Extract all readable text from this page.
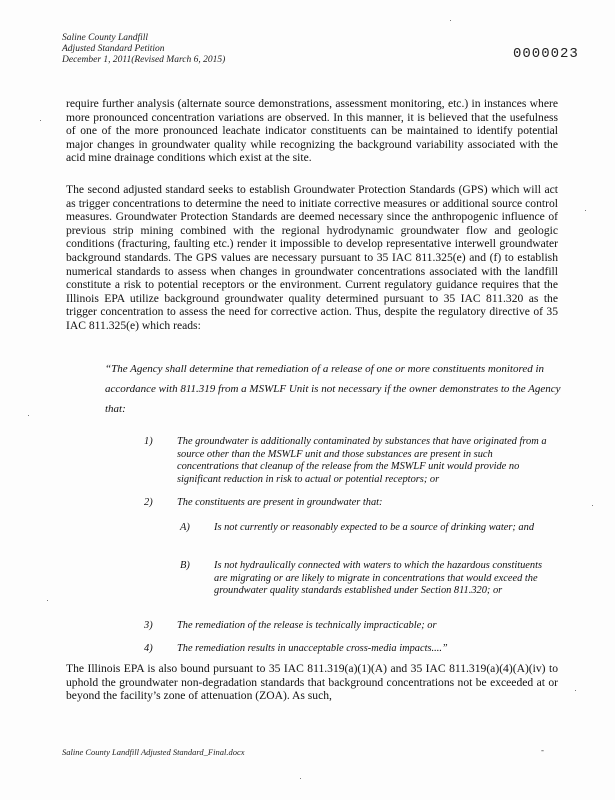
Saline County Landfill
Adjusted Standard Petition
December 1, 2011(Revised March 6, 2015)	0000023
require further analysis (alternate source demonstrations, assessment monitoring, etc.) in instances where more pronounced concentration variations are observed. In this manner, it is believed that the usefulness of one of the more pronounced leachate indicator constituents can be maintained to identify potential major changes in groundwater quality while recognizing the background variability associated with the acid mine drainage conditions which exist at the site.
The second adjusted standard seeks to establish Groundwater Protection Standards (GPS) which will act as trigger concentrations to determine the need to initiate corrective measures or additional source control measures. Groundwater Protection Standards are deemed necessary since the anthropogenic influence of previous strip mining combined with the regional hydrodynamic groundwater flow and geologic conditions (fracturing, faulting etc.) render it impossible to develop representative interwell groundwater background standards. The GPS values are necessary pursuant to 35 IAC 811.325(e) and (f) to establish numerical standards to assess when changes in groundwater concentrations associated with the landfill constitute a risk to potential receptors or the environment. Current regulatory guidance requires that the Illinois EPA utilize background groundwater quality determined pursuant to 35 IAC 811.320 as the trigger concentration to assess the need for corrective action. Thus, despite the regulatory directive of 35 IAC 811.325(e) which reads:
“The Agency shall determine that remediation of a release of one or more constituents monitored in accordance with 811.319 from a MSWLF Unit is not necessary if the owner demonstrates to the Agency that:
1) The groundwater is additionally contaminated by substances that have originated from a source other than the MSWLF unit and those substances are present in such concentrations that cleanup of the release from the MSWLF unit would provide no significant reduction in risk to actual or potential receptors; or
2) The constituents are present in groundwater that:
A) Is not currently or reasonably expected to be a source of drinking water; and
B) Is not hydraulically connected with waters to which the hazardous constituents are migrating or are likely to migrate in concentrations that would exceed the groundwater quality standards established under Section 811.320; or
3) The remediation of the release is technically impracticable; or
4) The remediation results in unacceptable cross-media impacts....”
The Illinois EPA is also bound pursuant to 35 IAC 811.319(a)(1)(A) and 35 IAC 811.319(a)(4)(A)(iv) to uphold the groundwater non-degradation standards that background concentrations not be exceeded at or beyond the facility’s zone of attenuation (ZOA). As such,
Saline County Landfill Adjusted Standard_Final.docx	-
